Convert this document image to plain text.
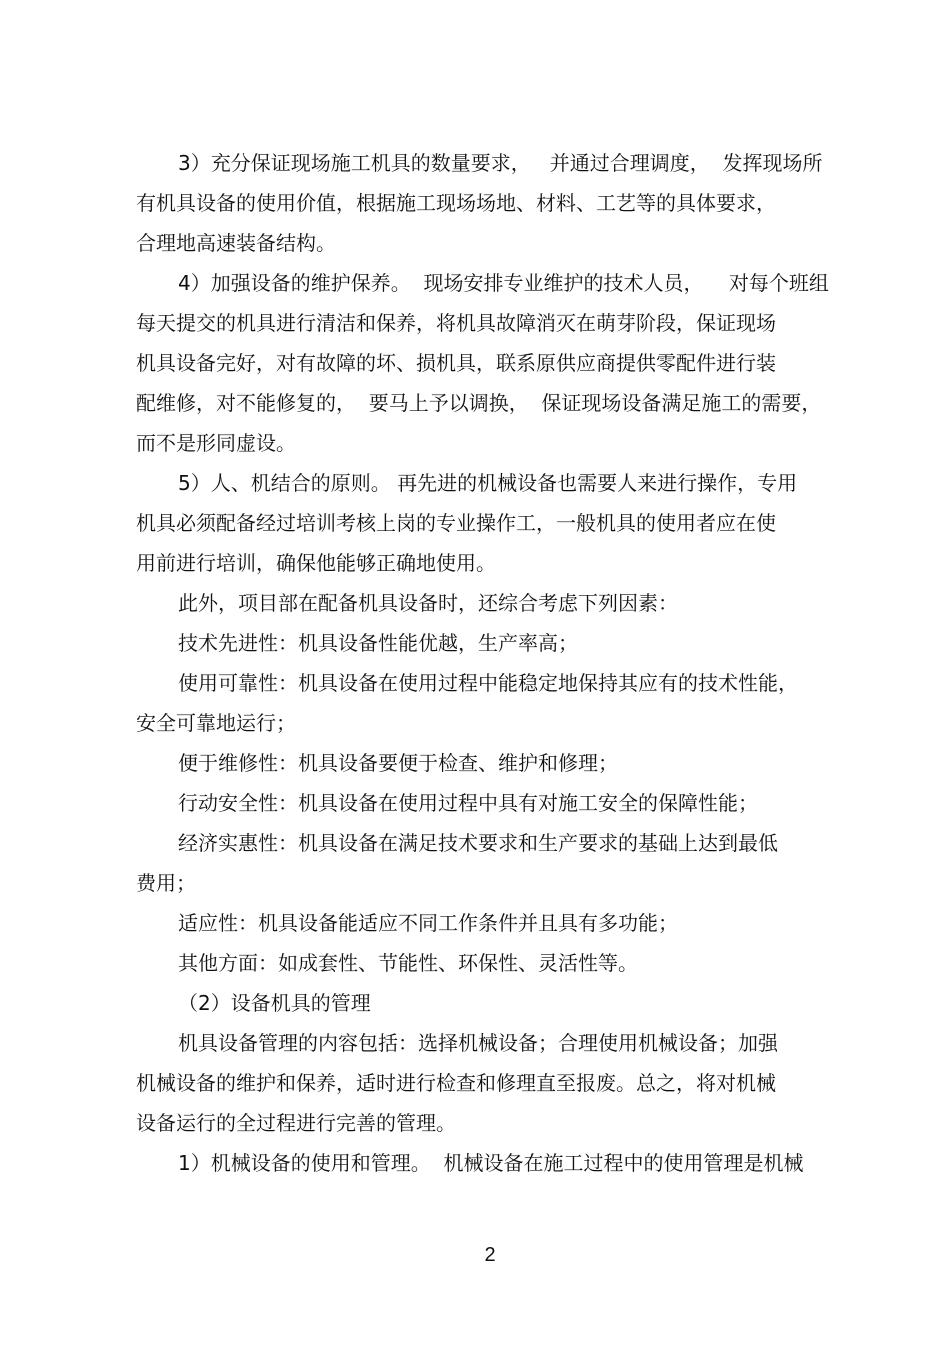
3）充分保证现场施工机具的数量要求，   并通过合理调度，  发挥现场所
有机具设备的使用价值，根据施工现场场地、材料、工艺等的具体要求，
合理地高速装备结构。
4）加强设备的维护保养。  现场安排专业维护的技术人员，    对每个班组
每天提交的机具进行清洁和保养，将机具故障消灭在萌芽阶段，保证现场
机具设备完好，对有故障的坏、损机具，联系原供应商提供零配件进行装
配维修，对不能修复的，  要马上予以调换，  保证现场设备满足施工的需要，
而不是形同虚设。
5）人、机结合的原则。 再先进的机械设备也需要人来进行操作，专用
机具必须配备经过培训考核上岗的专业操作工，一般机具的使用者应在使
用前进行培训，确保他能够正确地使用。
此外，项目部在配备机具设备时，还综合考虑下列因素：
技术先进性：机具设备性能优越，生产率高；
使用可靠性：机具设备在使用过程中能稳定地保持其应有的技术性能，
安全可靠地运行；
便于维修性：机具设备要便于检查、维护和修理；
行动安全性：机具设备在使用过程中具有对施工安全的保障性能；
经济实惠性：机具设备在满足技术要求和生产要求的基础上达到最低
费用；
适应性：机具设备能适应不同工作条件并且具有多功能；
其他方面：如成套性、节能性、环保性、灵活性等。
（2）设备机具的管理
机具设备管理的内容包括：选择机械设备；合理使用机械设备；加强
机械设备的维护和保养，适时进行检查和修理直至报废。总之，将对机械
设备运行的全过程进行完善的管理。
1）机械设备的使用和管理。  机械设备在施工过程中的使用管理是机械
2
